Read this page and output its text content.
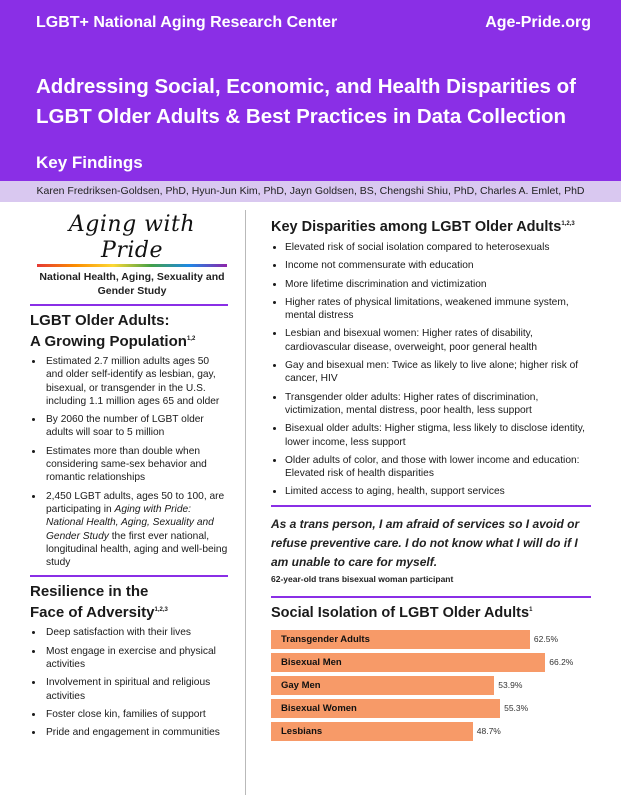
LGBT+ National Aging Research Center	Age-Pride.org
Addressing Social, Economic, and Health Disparities of LGBT Older Adults & Best Practices in Data Collection
Key Findings
Karen Fredriksen-Goldsen, PhD, Hyun-Jun Kim, PhD, Jayn Goldsen, BS, Chengshi Shiu, PhD, Charles A. Emlet, PhD
Aging with Pride
National Health, Aging, Sexuality and Gender Study
LGBT Older Adults:
A Growing Population$^{1,2}$
• Estimated 2.7 million adults ages 50 and older self-identify as lesbian, gay, bisexual, or transgender in the U.S. including 1.1 million ages 65 and older
• By 2060 the number of LGBT older adults will soar to 5 million
• Estimates more than double when considering same-sex behavior and romantic relationships
• 2,450 LGBT adults, ages 50 to 100, are participating in Aging with Pride: National Health, Aging, Sexuality and Gender Study the first ever national, longitudinal health, aging and well-being study
Resilience in the
Face of Adversity$^{1,2,3}$
• Deep satisfaction with their lives
• Most engage in exercise and physical activities
• Involvement in spiritual and religious activities
• Foster close kin, families of support
• Pride and engagement in communities
Key Disparities among LGBT Older Adults$^{1,2,3}$
• Elevated risk of social isolation compared to heterosexuals
• Income not commensurate with education
• More lifetime discrimination and victimization
• Higher rates of physical limitations, weakened immune system, mental distress
• Lesbian and bisexual women: Higher rates of disability, cardiovascular disease, overweight, poor general health
• Gay and bisexual men: Twice as likely to live alone; higher risk of cancer, HIV
• Transgender older adults: Higher rates of discrimination, victimization, mental distress, poor health, less support
• Bisexual older adults: Higher stigma, less likely to disclose identity, lower income, less support
• Older adults of color, and those with lower income and education: Elevated risk of health disparities
• Limited access to aging, health, support services
As a trans person, I am afraid of services so I avoid or refuse preventive care. I do not know what I will do if I am unable to care for myself.
62-year-old trans bisexual woman participant
Social Isolation of LGBT Older Adults$^1$
Transgender Adults	62.5%
Bisexual Men	66.2%
Gay Men	53.9%
Bisexual Women	55.3%
Lesbians	48.7%
